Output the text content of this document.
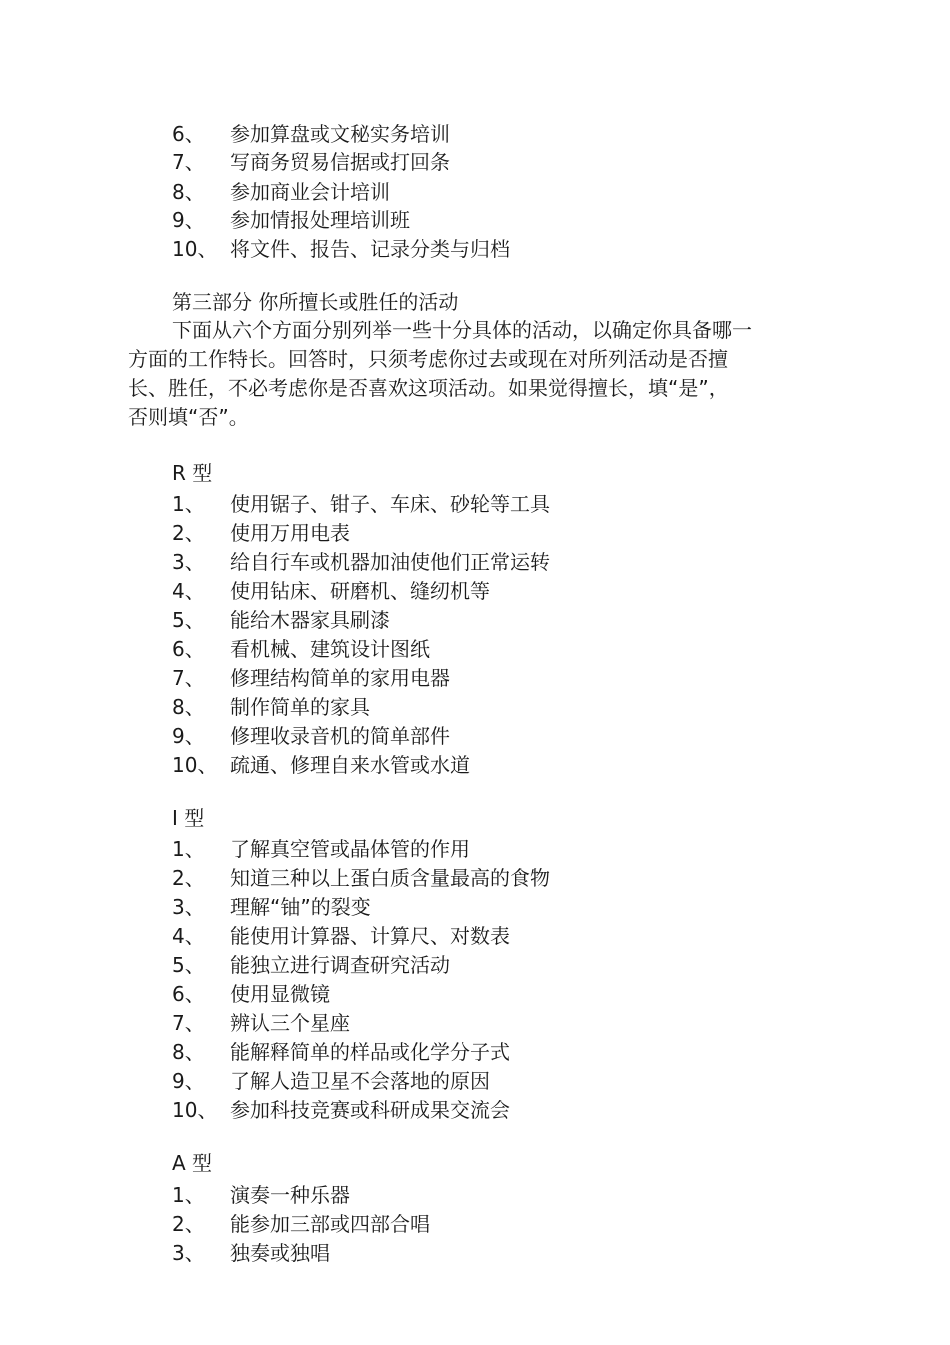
6、	参加算盘或文秘实务培训
7、	写商务贸易信据或打回条
8、	参加商业会计培训
9、	参加情报处理培训班
10、 将文件、报告、记录分类与归档
第三部分 你所擅长或胜任的活动
下面从六个方面分别列举一些十分具体的活动，以确定你具备哪一
方面的工作特长。回答时，只须考虑你过去或现在对所列活动是否擅
长、胜任，不必考虑你是否喜欢这项活动。如果觉得擅长，填“是”，
否则填“否”。
R 型
1、	使用锯子、钳子、车床、砂轮等工具
2、	使用万用电表
3、	给自行车或机器加油使他们正常运转
4、	使用钻床、研磨机、缝纫机等
5、	能给木器家具刷漆
6、	看机械、建筑设计图纸
7、	修理结构简单的家用电器
8、	制作简单的家具
9、	修理收录音机的简单部件
10、 疏通、修理自来水管或水道
I 型
1、	了解真空管或晶体管的作用
2、	知道三种以上蛋白质含量最高的食物
3、	理解“铀”的裂变
4、	能使用计算器、计算尺、对数表
5、	能独立进行调查研究活动
6、	使用显微镜
7、	辨认三个星座
8、	能解释简单的样品或化学分子式
9、	了解人造卫星不会落地的原因
10、 参加科技竞赛或科研成果交流会
A 型
1、	演奏一种乐器
2、	能参加三部或四部合唱
3、	独奏或独唱
